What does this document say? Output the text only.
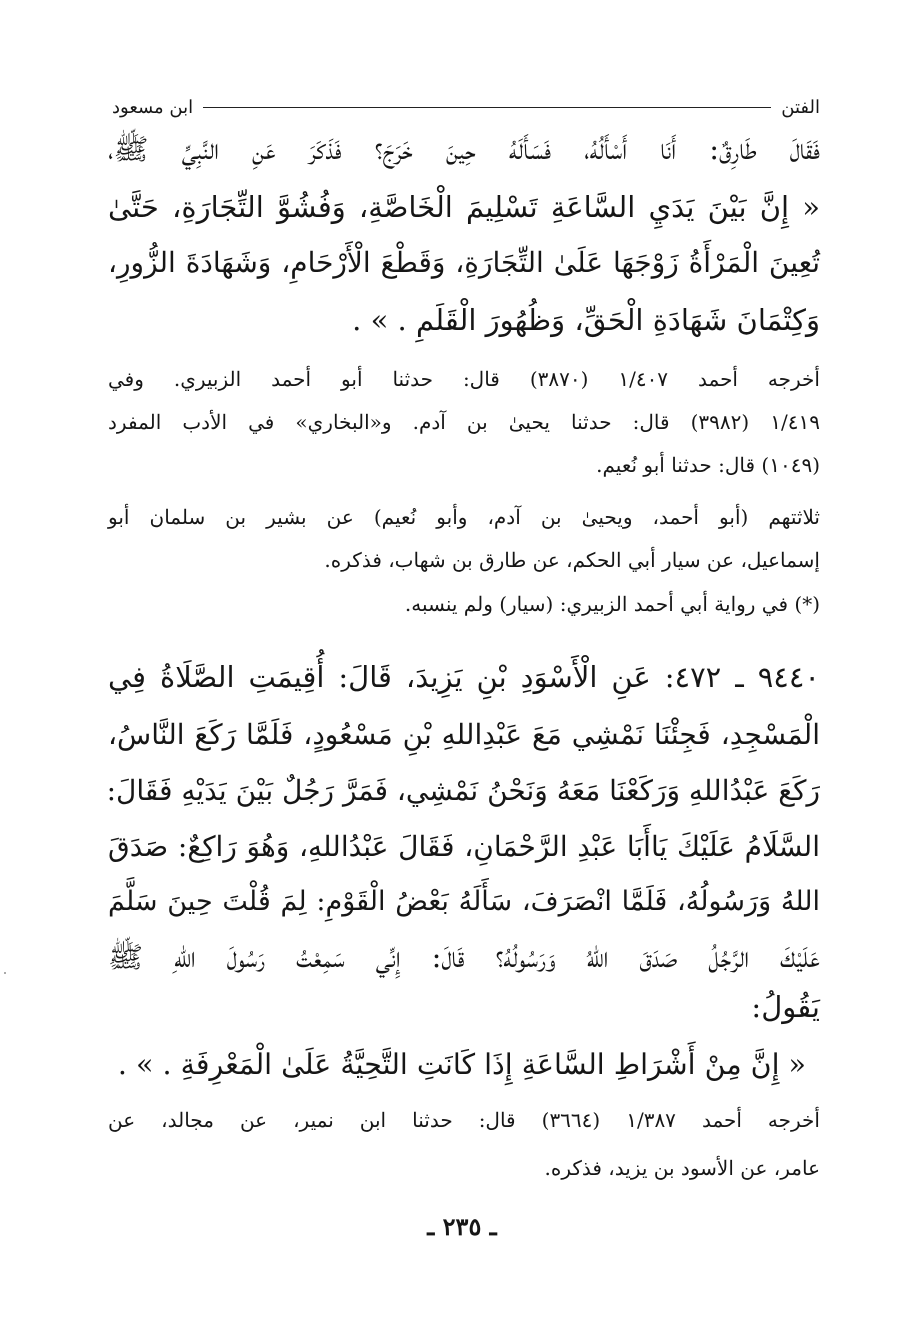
الفتن
ابن مسعود
فَقَالَ طَارِقٌ: أَنَا أَسْأَلُهُ، فَسَأَلَهُ حِينَ خَرَجَ؟ فَذَكَرَ عَنِ النَّبِيِّ ﷺ،
« إِنَّ بَيْنَ يَدَيِ السَّاعَةِ تَسْلِيمَ الْخَاصَّةِ، وَفُشُوَّ التِّجَارَةِ، حَتَّىٰ
تُعِينَ الْمَرْأَةُ زَوْجَهَا عَلَىٰ التِّجَارَةِ، وَقَطْعَ الْأَرْحَامِ، وَشَهَادَةَ الزُّورِ،
وَكِتْمَانَ شَهَادَةِ الْحَقِّ، وَظُهُورَ الْقَلَمِ . » .
أخرجه أحمد ١/٤٠٧ (٣٨٧٠) قال: حدثنا أبو أحمد الزبيري. وفي
١/٤١٩ (٣٩٨٢) قال: حدثنا يحيىٰ بن آدم. و«البخاري» في الأدب المفرد
(١٠٤٩) قال: حدثنا أبو نُعيم.
ثلاثتهم (أبو أحمد، ويحيىٰ بن آدم، وأبو نُعيم) عن بشير بن سلمان أبو
إسماعيل، عن سيار أبي الحكم، عن طارق بن شهاب، فذكره.
(*) في رواية أبي أحمد الزبيري: (سيار) ولم ينسبه.
٩٤٤٠ ـ ٤٧٢: عَنِ الْأَسْوَدِ بْنِ يَزِيدَ، قَالَ: أُقِيمَتِ الصَّلَاةُ فِي
الْمَسْجِدِ، فَجِئْنَا نَمْشِي مَعَ عَبْدِاللهِ بْنِ مَسْعُودٍ، فَلَمَّا رَكَعَ النَّاسُ،
رَكَعَ عَبْدُاللهِ وَرَكَعْنَا مَعَهُ وَنَحْنُ نَمْشِي، فَمَرَّ رَجُلٌ بَيْنَ يَدَيْهِ فَقَالَ:
السَّلَامُ عَلَيْكَ يَاأَبَا عَبْدِ الرَّحْمَانِ، فَقَالَ عَبْدُاللهِ، وَهُوَ رَاكِعٌ: صَدَقَ
اللهُ وَرَسُولُهُ، فَلَمَّا انْصَرَفَ، سَأَلَهُ بَعْضُ الْقَوْمِ: لِمَ قُلْتَ حِينَ سَلَّمَ
عَلَيْكَ الرَّجُلُ صَدَقَ اللهُ وَرَسُولُهُ؟ قَالَ: إِنِّي سَمِعْتُ رَسُولَ اللهِ ﷺ
يَقُولُ:
« إِنَّ مِنْ أَشْرَاطِ السَّاعَةِ إِذَا كَانَتِ التَّحِيَّةُ عَلَىٰ الْمَعْرِفَةِ . » .
أخرجه أحمد ١/٣٨٧ (٣٦٦٤) قال: حدثنا ابن نمير، عن مجالد، عن
عامر، عن الأسود بن يزيد، فذكره.
ـ ٢٣٥ ـ
